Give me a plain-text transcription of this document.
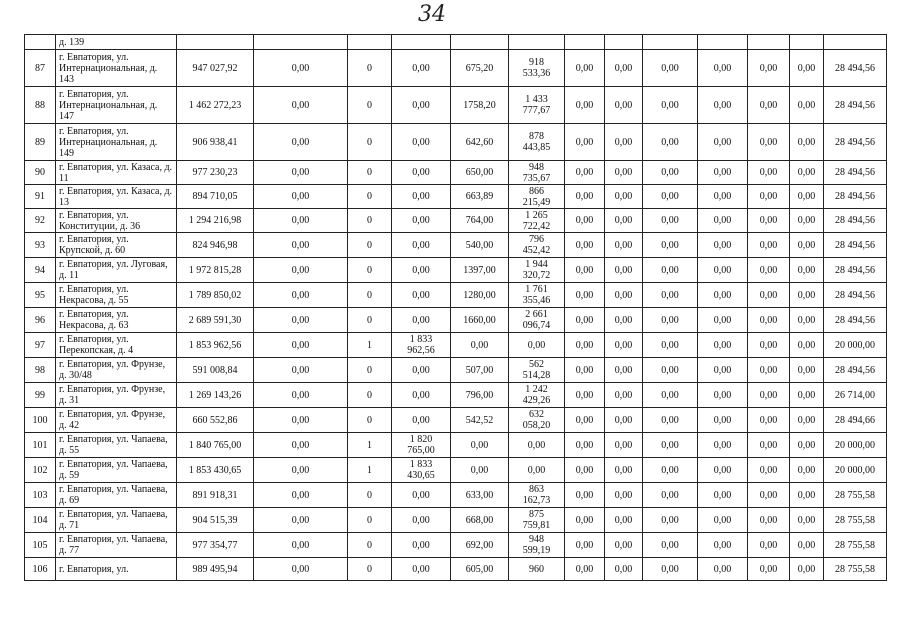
34
	д. 139													
87	г. Евпатория, ул. Интернациональная, д. 143	947 027,92	0,00	0	0,00	675,20	918
533,36	0,00	0,00	0,00	0,00	0,00	0,00	28 494,56
88	г. Евпатория, ул. Интернациональная, д. 147	1 462 272,23	0,00	0	0,00	1758,20	1 433
777,67	0,00	0,00	0,00	0,00	0,00	0,00	28 494,56
89	г. Евпатория, ул. Интернациональная, д. 149	906 938,41	0,00	0	0,00	642,60	878
443,85	0,00	0,00	0,00	0,00	0,00	0,00	28 494,56
90	г. Евпатория, ул. Казаса, д. 11	977 230,23	0,00	0	0,00	650,00	948
735,67	0,00	0,00	0,00	0,00	0,00	0,00	28 494,56
91	г. Евпатория, ул. Казаса, д. 13	894 710,05	0,00	0	0,00	663,89	866
215,49	0,00	0,00	0,00	0,00	0,00	0,00	28 494,56
92	г. Евпатория, ул. Конституции, д. 36	1 294 216,98	0,00	0	0,00	764,00	1 265
722,42	0,00	0,00	0,00	0,00	0,00	0,00	28 494,56
93	г. Евпатория, ул. Крупской, д. 60	824 946,98	0,00	0	0,00	540,00	796
452,42	0,00	0,00	0,00	0,00	0,00	0,00	28 494,56
94	г. Евпатория, ул. Луговая, д. 11	1 972 815,28	0,00	0	0,00	1397,00	1 944
320,72	0,00	0,00	0,00	0,00	0,00	0,00	28 494,56
95	г. Евпатория, ул. Некрасова, д. 55	1 789 850,02	0,00	0	0,00	1280,00	1 761
355,46	0,00	0,00	0,00	0,00	0,00	0,00	28 494,56
96	г. Евпатория, ул. Некрасова, д. 63	2 689 591,30	0,00	0	0,00	1660,00	2 661
096,74	0,00	0,00	0,00	0,00	0,00	0,00	28 494,56
97	г. Евпатория, ул. Перекопская, д. 4	1 853 962,56	0,00	1	1 833
962,56	0,00	0,00	0,00	0,00	0,00	0,00	0,00	0,00	20 000,00
98	г. Евпатория, ул. Фрунзе, д. 30/48	591 008,84	0,00	0	0,00	507,00	562
514,28	0,00	0,00	0,00	0,00	0,00	0,00	28 494,56
99	г. Евпатория, ул. Фрунзе, д. 31	1 269 143,26	0,00	0	0,00	796,00	1 242
429,26	0,00	0,00	0,00	0,00	0,00	0,00	26 714,00
100	г. Евпатория, ул. Фрунзе, д. 42	660 552,86	0,00	0	0,00	542,52	632
058,20	0,00	0,00	0,00	0,00	0,00	0,00	28 494,66
101	г. Евпатория, ул. Чапаева, д. 55	1 840 765,00	0,00	1	1 820
765,00	0,00	0,00	0,00	0,00	0,00	0,00	0,00	0,00	20 000,00
102	г. Евпатория, ул. Чапаева, д. 59	1 853 430,65	0,00	1	1 833
430,65	0,00	0,00	0,00	0,00	0,00	0,00	0,00	0,00	20 000,00
103	г. Евпатория, ул. Чапаева, д. 69	891 918,31	0,00	0	0,00	633,00	863
162,73	0,00	0,00	0,00	0,00	0,00	0,00	28 755,58
104	г. Евпатория, ул. Чапаева, д. 71	904 515,39	0,00	0	0,00	668,00	875
759,81	0,00	0,00	0,00	0,00	0,00	0,00	28 755,58
105	г. Евпатория, ул. Чапаева, д. 77	977 354,77	0,00	0	0,00	692,00	948
599,19	0,00	0,00	0,00	0,00	0,00	0,00	28 755,58
106	г. Евпатория, ул.	989 495,94	0,00	0	0,00	605,00	960	0,00	0,00	0,00	0,00	0,00	0,00	28 755,58
